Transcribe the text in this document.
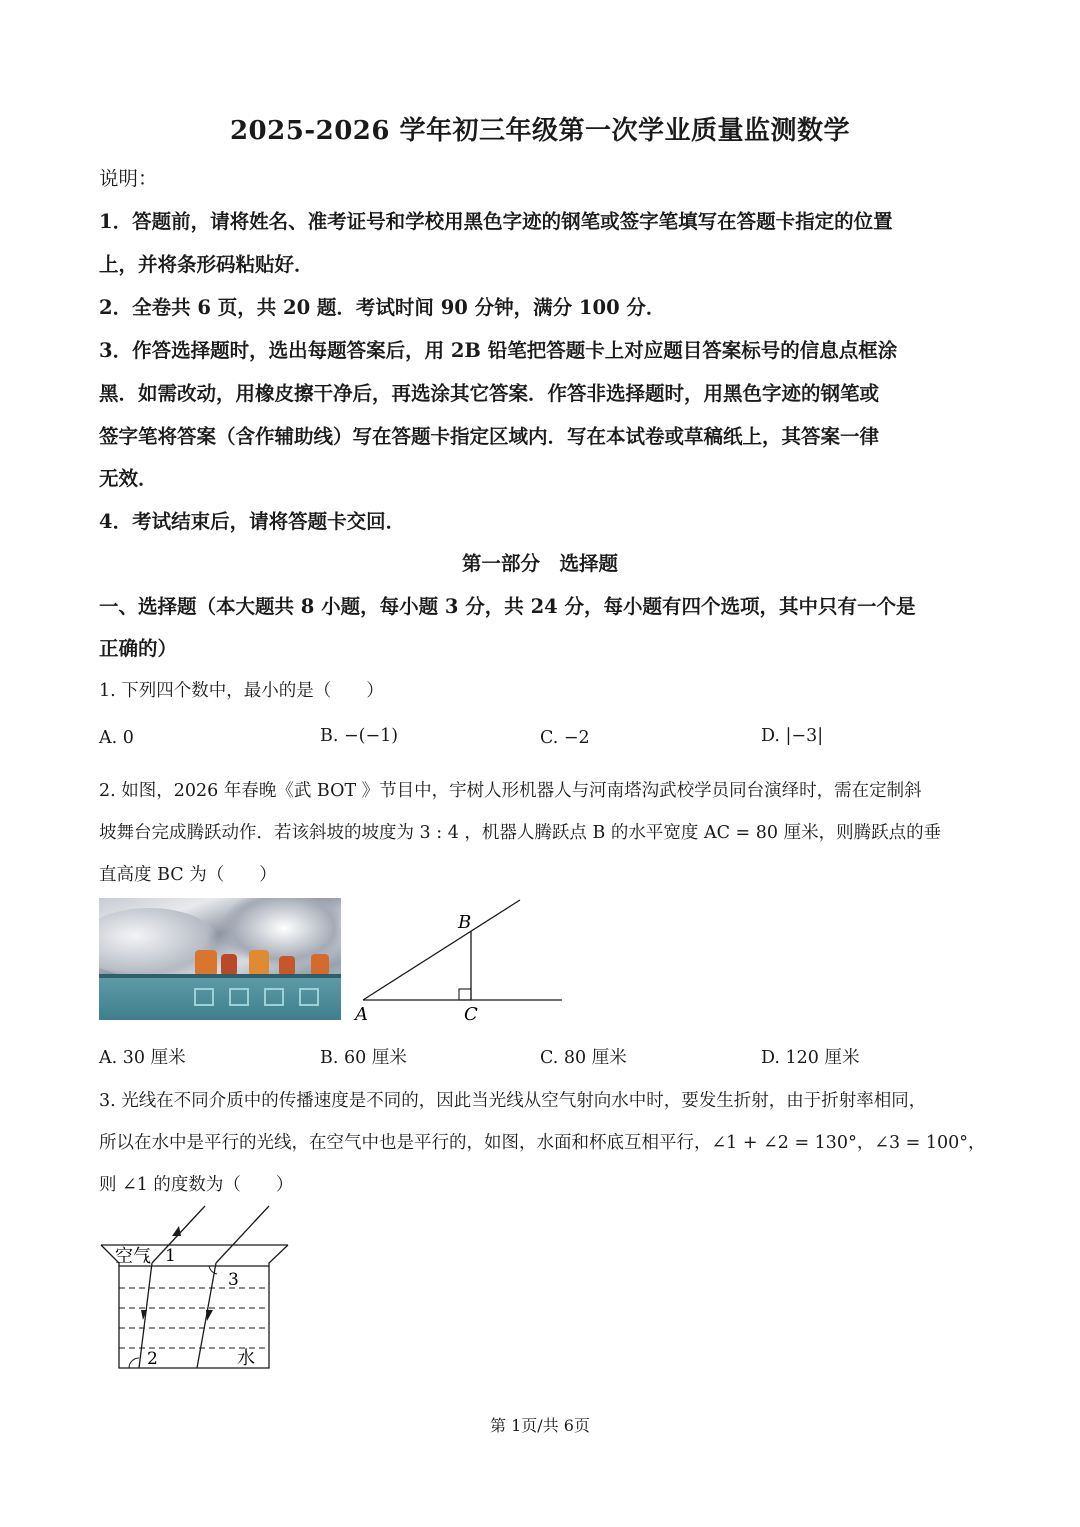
2025-2026 学年初三年级第一次学业质量监测数学
说明：
1．答题前，请将姓名、准考证号和学校用黑色字迹的钢笔或签字笔填写在答题卡指定的位置
上，并将条形码粘贴好．
2．全卷共 6 页，共 20 题．考试时间 90 分钟，满分 100 分．
3．作答选择题时，选出每题答案后，用 2B 铅笔把答题卡上对应题目答案标号的信息点框涂
黑．如需改动，用橡皮擦干净后，再选涂其它答案．作答非选择题时，用黑色字迹的钢笔或
签字笔将答案（含作辅助线）写在答题卡指定区域内．写在本试卷或草稿纸上，其答案一律
无效．
4．考试结束后，请将答题卡交回．
第一部分　选择题
一、选择题（本大题共 8 小题，每小题 3 分，共 24 分，每小题有四个选项，其中只有一个是
正确的）
1. 下列四个数中，最小的是（　　）
A. 0	B. −(−1)	C. −2	D. |−3|
2. 如图，2026 年春晚《武 BOT 》节目中，宇树人形机器人与河南塔沟武校学员同台演绎时，需在定制斜
坡舞台完成腾跃动作．若该斜坡的坡度为 3 : 4 ，机器人腾跃点 B 的水平宽度 AC = 80 厘米，则腾跃点的垂
直高度 BC 为（　　）
B
A	C
A. 30 厘米	B. 60 厘米	C. 80 厘米	D. 120 厘米
3. 光线在不同介质中的传播速度是不同的，因此当光线从空气射向水中时，要发生折射，由于折射率相同，
所以在水中是平行的光线，在空气中也是平行的，如图，水面和杯底互相平行，∠1 + ∠2 = 130°，∠3 = 100°，
则 ∠1 的度数为（　　）
空气 1
3
2	水
第 1页/共 6页
